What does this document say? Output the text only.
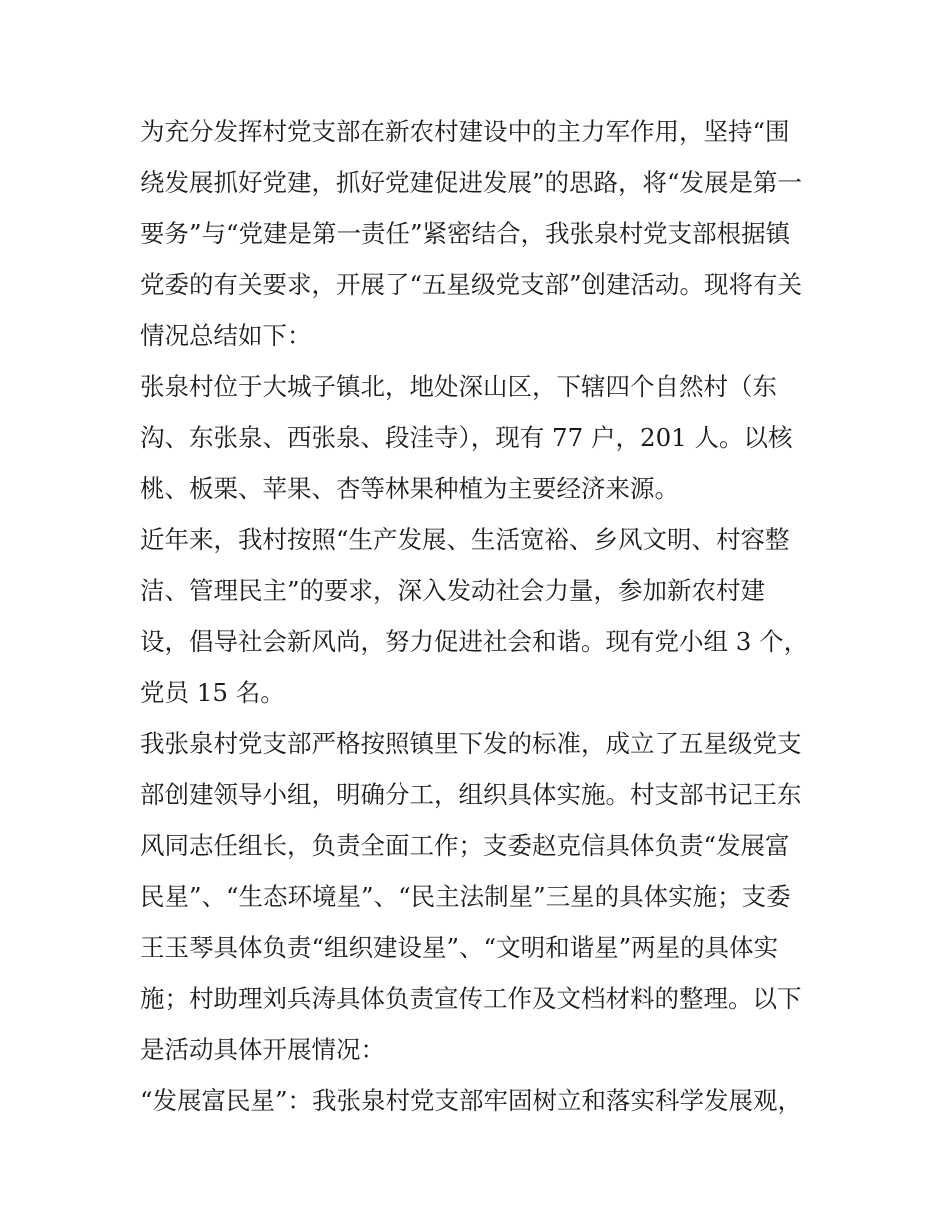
为充分发挥村党支部在新农村建设中的主力军作用，坚持“围
绕发展抓好党建，抓好党建促进发展”的思路，将“发展是第一
要务”与“党建是第一责任”紧密结合，我张泉村党支部根据镇
党委的有关要求，开展了“五星级党支部”创建活动。现将有关
情况总结如下：
张泉村位于大城子镇北，地处深山区，下辖四个自然村（东
沟、东张泉、西张泉、段洼寺），现有 77 户，201 人。以核
桃、板栗、苹果、杏等林果种植为主要经济来源。
近年来，我村按照“生产发展、生活宽裕、乡风文明、村容整
洁、管理民主”的要求，深入发动社会力量，参加新农村建
设，倡导社会新风尚，努力促进社会和谐。现有党小组 3 个，
党员 15 名。
我张泉村党支部严格按照镇里下发的标准，成立了五星级党支
部创建领导小组，明确分工，组织具体实施。村支部书记王东
风同志任组长，负责全面工作；支委赵克信具体负责“发展富
民星”、“生态环境星”、“民主法制星”三星的具体实施；支委
王玉琴具体负责“组织建设星”、“文明和谐星”两星的具体实
施；村助理刘兵涛具体负责宣传工作及文档材料的整理。以下
是活动具体开展情况：
“发展富民星”：我张泉村党支部牢固树立和落实科学发展观，
